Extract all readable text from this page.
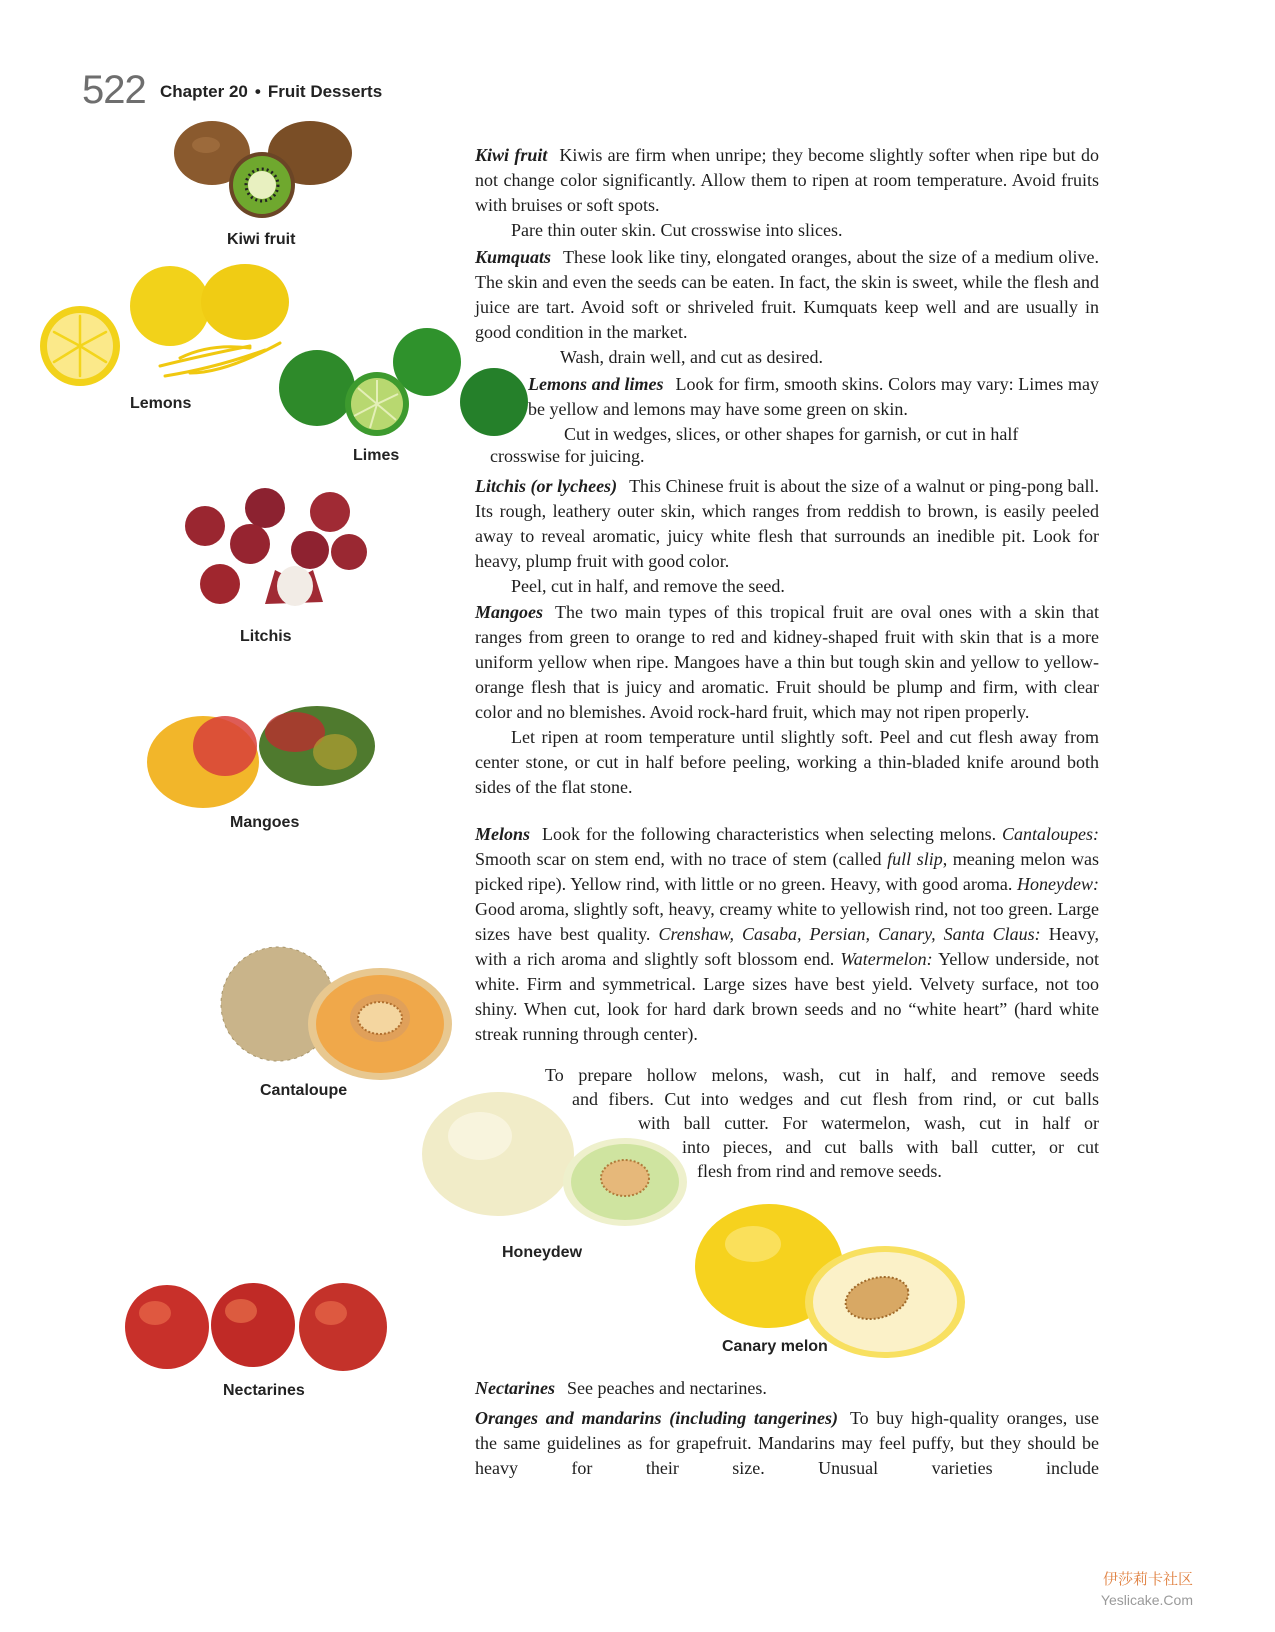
522 Chapter 20 • Fruit Desserts
Kiwi fruit
Lemons
Limes
Litchis
Mangoes
Cantaloupe
Honeydew
Canary melon
Nectarines

Kiwi fruit Kiwis are firm when unripe; they become slightly softer when ripe but do not change color significantly. Allow them to ripen at room temperature. Avoid fruits with bruises or soft spots.

Pare thin outer skin. Cut crosswise into slices.

Kumquats These look like tiny, elongated oranges, about the size of a medium olive. The skin and even the seeds can be eaten. In fact, the skin is sweet, while the flesh and juice are tart. Avoid soft or shriveled fruit. Kumquats keep well and are usually in good condition in the market.

Wash, drain well, and cut as desired.

Lemons and limes Look for firm, smooth skins. Colors may vary: Limes may be yellow and lemons may have some green on skin.

Cut in wedges, slices, or other shapes for garnish, or cut in half

crosswise for juicing.

Litchis (or lychees) This Chinese fruit is about the size of a walnut or ping-pong ball. Its rough, leathery outer skin, which ranges from reddish to brown, is easily peeled away to reveal aromatic, juicy white flesh that surrounds an inedible pit. Look for heavy, plump fruit with good color.

Peel, cut in half, and remove the seed.

Mangoes The two main types of this tropical fruit are oval ones with a skin that ranges from green to orange to red and kidney-shaped fruit with skin that is a more uniform yellow when ripe. Mangoes have a thin but tough skin and yellow to yellow-orange flesh that is juicy and aromatic. Fruit should be plump and firm, with clear color and no blemishes. Avoid rock-hard fruit, which may not ripen properly.

Let ripen at room temperature until slightly soft. Peel and cut flesh away from center stone, or cut in half before peeling, working a thin-bladed knife around both sides of the flat stone.

Melons Look for the following characteristics when selecting melons. Cantaloupes: Smooth scar on stem end, with no trace of stem (called full slip, meaning melon was picked ripe). Yellow rind, with little or no green. Heavy, with good aroma. Honeydew: Good aroma, slightly soft, heavy, creamy white to yellowish rind, not too green. Large sizes have best quality. Crenshaw, Casaba, Persian, Canary, Santa Claus: Heavy, with a rich aroma and slightly soft blossom end. Watermelon: Yellow underside, not white. Firm and symmetrical. Large sizes have best yield. Velvety surface, not too shiny. When cut, look for hard dark brown seeds and no “white heart” (hard white streak running through center).

To prepare hollow melons, wash, cut in half, and remove seeds
and fibers. Cut into wedges and cut flesh from rind, or cut balls
with ball cutter. For watermelon, wash, cut in half or
into pieces, and cut balls with ball cutter, or cut
flesh from rind and remove seeds.

Nectarines See peaches and nectarines.

Oranges and mandarins (including tangerines) To buy high-quality oranges, use the same guidelines as for grapefruit. Mandarins may feel puffy, but they should be heavy for their size. Unusual varieties include

伊莎莉卡社区
Yeslicake.Com
